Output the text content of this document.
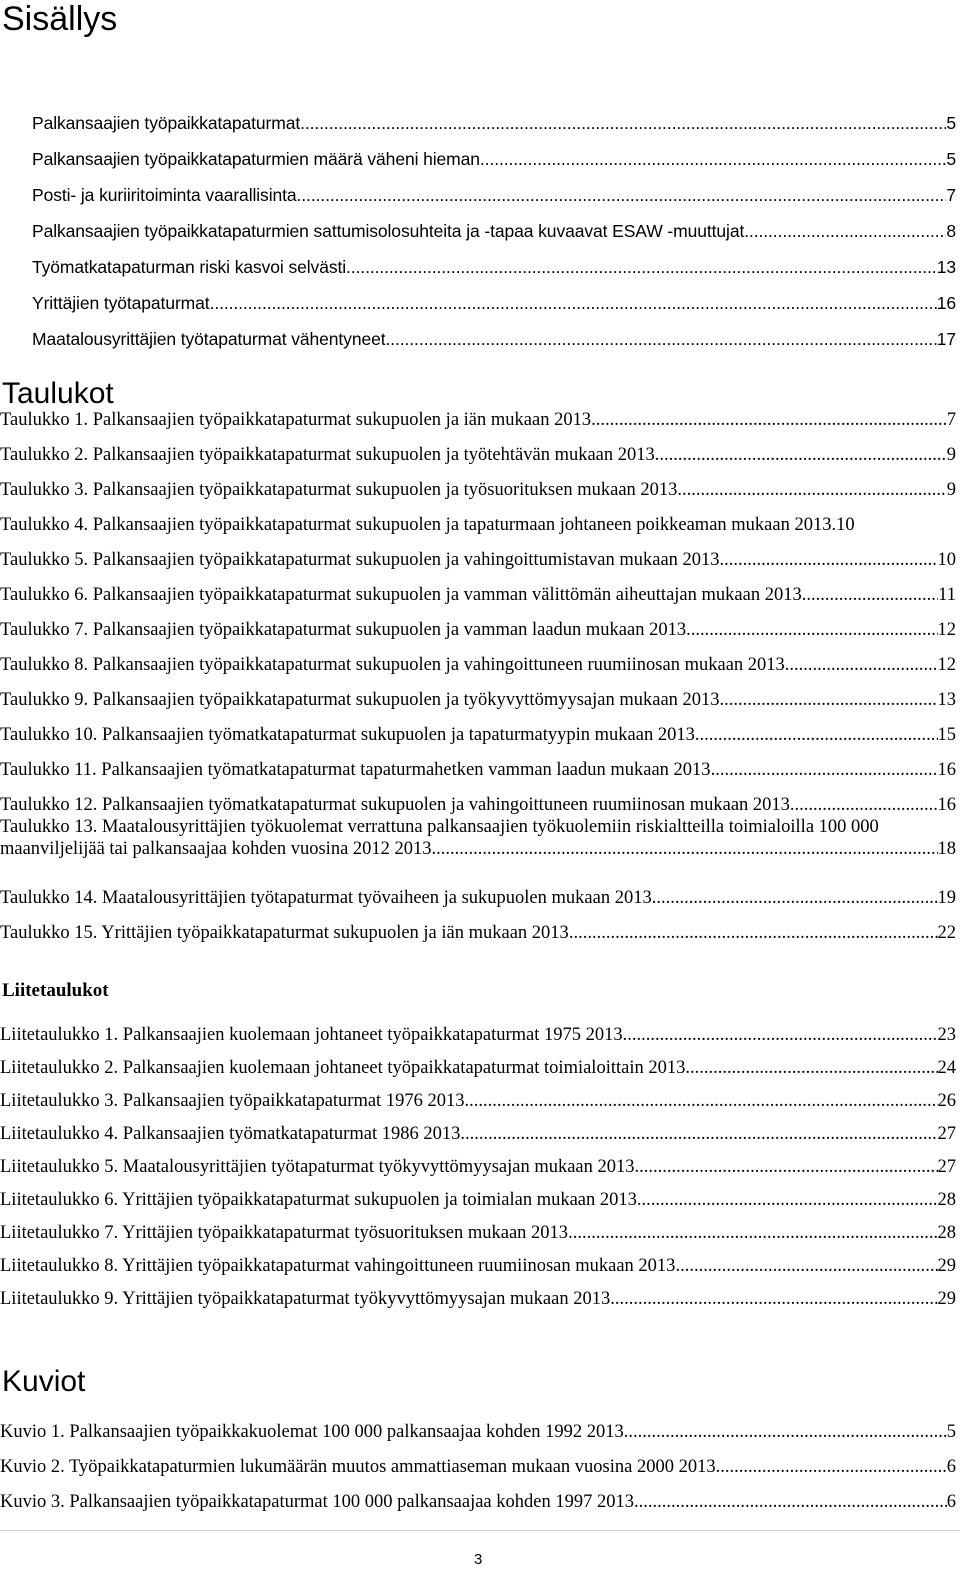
Sisällys
Palkansaajien työpaikkatapaturmat .....	5
Palkansaajien työpaikkatapaturmien määrä väheni hieman. .....	5
Posti- ja kuriiritoiminta vaarallisinta .....	7
Palkansaajien työpaikkatapaturmien sattumisolosuhteita ja -tapaa kuvaavat ESAW -muuttujat. .....	8
Työmatkatapaturman riski kasvoi selvästi .....	13
Yrittäjien työtapaturmat .....	16
Maatalousyrittäjien työtapaturmat vähentyneet .....	17
Taulukot
Taulukko 1. Palkansaajien työpaikkatapaturmat sukupuolen ja iän mukaan 2013 .....	7
Taulukko 2. Palkansaajien työpaikkatapaturmat sukupuolen ja työtehtävän mukaan 2013 .....	9
Taulukko 3. Palkansaajien työpaikkatapaturmat sukupuolen ja työsuorituksen mukaan 2013 .....	9
Taulukko 4. Palkansaajien työpaikkatapaturmat sukupuolen ja tapaturmaan johtaneen poikkeaman mukaan 2013. 10
Taulukko 5. Palkansaajien työpaikkatapaturmat sukupuolen ja vahingoittumistavan mukaan 2013 .....	10
Taulukko 6. Palkansaajien työpaikkatapaturmat sukupuolen ja vamman välittömän aiheuttajan mukaan 2013 .....	11
Taulukko 7. Palkansaajien työpaikkatapaturmat sukupuolen ja vamman laadun mukaan 2013 .....	12
Taulukko 8. Palkansaajien työpaikkatapaturmat sukupuolen ja vahingoittuneen ruumiinosan mukaan 2013 .....	12
Taulukko 9. Palkansaajien työpaikkatapaturmat sukupuolen ja työkyvyttömyysajan mukaan 2013 .....	13
Taulukko 10. Palkansaajien työmatkatapaturmat sukupuolen ja tapaturmatyypin mukaan 2013 .....	15
Taulukko 11. Palkansaajien työmatkatapaturmat tapaturmahetken vamman laadun mukaan 2013 .....	16
Taulukko 12. Palkansaajien työmatkatapaturmat sukupuolen ja vahingoittuneen ruumiinosan mukaan 2013 .....	16
Taulukko 13. Maatalousyrittäjien työkuolemat verrattuna palkansaajien työkuolemiin riskialtteilla toimialoilla 100 000
maanviljelijää tai palkansaajaa kohden vuosina 2012 2013 .....	18
Taulukko 14. Maatalousyrittäjien työtapaturmat työvaiheen ja sukupuolen mukaan 2013 .....	19
Taulukko 15. Yrittäjien työpaikkatapaturmat sukupuolen ja iän mukaan 2013 .....	22

Liitetaulukot

Liitetaulukko 1. Palkansaajien kuolemaan johtaneet työpaikkatapaturmat 1975 2013 .....	23
Liitetaulukko 2. Palkansaajien kuolemaan johtaneet työpaikkatapaturmat toimialoittain 2013 .....	24
Liitetaulukko 3. Palkansaajien työpaikkatapaturmat 1976 2013 .....	26
Liitetaulukko 4. Palkansaajien työmatkatapaturmat 1986 2013 .....	27
Liitetaulukko 5. Maatalousyrittäjien työtapaturmat työkyvyttömyysajan mukaan 2013 .....	27
Liitetaulukko 6. Yrittäjien työpaikkatapaturmat sukupuolen ja toimialan mukaan 2013 .....	28
Liitetaulukko 7. Yrittäjien työpaikkatapaturmat työsuorituksen mukaan 2013 .....	28
Liitetaulukko 8. Yrittäjien työpaikkatapaturmat vahingoittuneen ruumiinosan mukaan 2013 .....	29
Liitetaulukko 9. Yrittäjien työpaikkatapaturmat työkyvyttömyysajan mukaan 2013 .....	29
Kuviot
Kuvio 1. Palkansaajien työpaikkakuolemat 100 000 palkansaajaa kohden 1992 2013 .....	5
Kuvio 2. Työpaikkatapaturmien lukumäärän muutos ammattiaseman mukaan vuosina 2000 2013 .....	6
Kuvio 3. Palkansaajien työpaikkatapaturmat 100 000 palkansaajaa kohden 1997 2013 .....	6
3
